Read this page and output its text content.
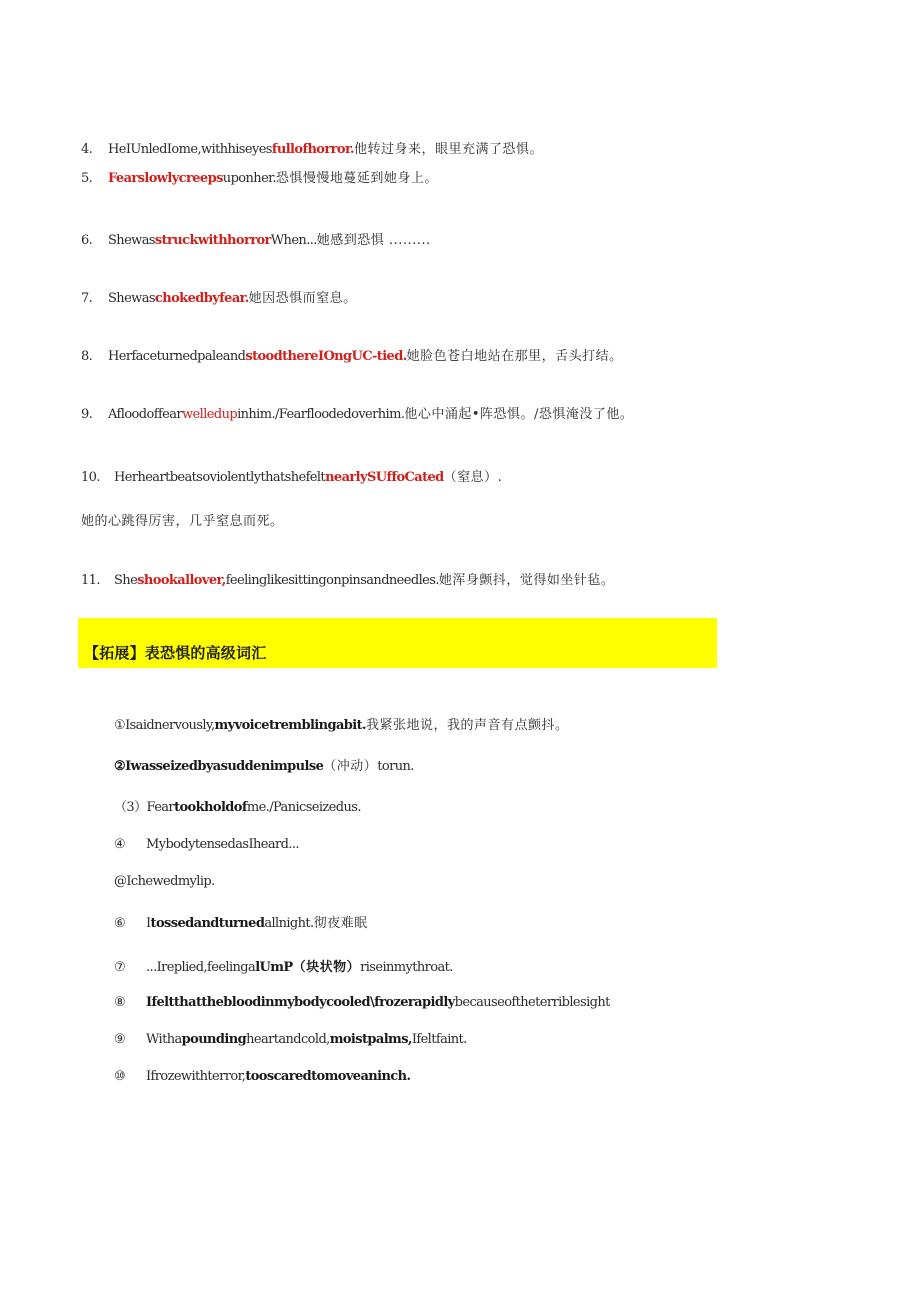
4. HeIUnledIome,withhiseyesfullofhorror.他转过身来，眼里充满了恐惧。
5. Fearslowlycreepsuponher.恐惧慢慢地蔓延到她身上。
6. ShewasstruckwithhorrorWhen...她感到恐惧 .........
7. Shewaschokedbyfear.她因恐惧而窒息。
8. HerfaceturnedpaleandstoodthereIOngUC-tied.她脸色苍白地站在那里，舌头打结。
9. Afloodoffearwelledupinhim./Fearfloodedoverhim.他心中涌起•阵恐惧。/恐惧淹没了他。
10. HerheartbeatsoviolentlythatshefeltnearlySUffoCated（窒息）.
她的心跳得厉害，几乎窒息而死。
11. Sheshookallover,feelinglikesittingonpinsandneedles.她浑身颤抖，觉得如坐针毡。
【拓展】表恐惧的高级词汇
①Isaidnervously,myvoicetremblingabit.我紧张地说，我的声音有点颤抖。
②Iwasseizedbyasuddenimpulse（冲动）torun.
（3）Feartookholdofme./Panicseizedus.
④ MybodytensedasIheard...
@Ichewedmylip.
⑥ Itossedandturnedallnight.彻夜难眠
⑦ ...Ireplied,feelingalUmP（块状物）riseinmythroat.
⑧ Ifeltthatthebloodinmybodycooled\frozerapidlybecauseoftheterriblesight
⑨ Withapoundingheartandcold,moistpalms,Ifeltfaint.
⑩ Ifrozewithterror,tooscaredtomoveaninch.
